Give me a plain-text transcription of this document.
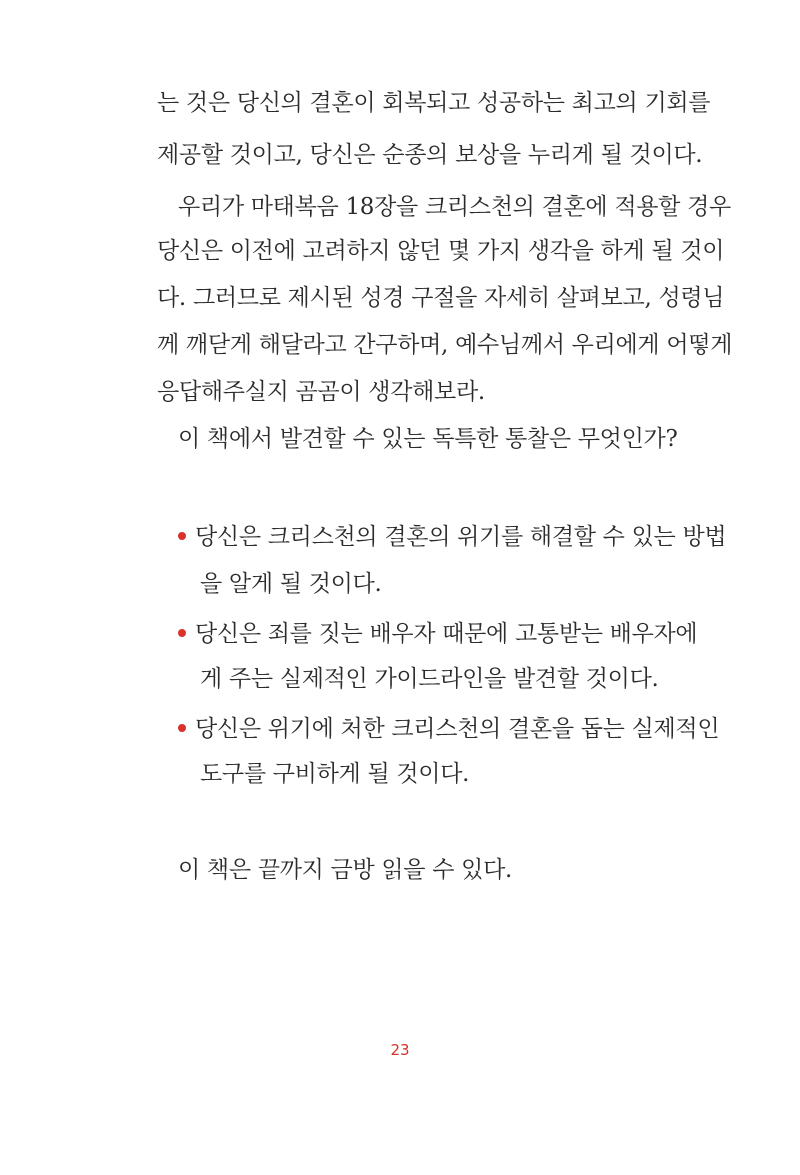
는 것은 당신의 결혼이 회복되고 성공하는 최고의 기회를
제공할 것이고, 당신은 순종의 보상을 누리게 될 것이다.
우리가 마태복음 18장을 크리스천의 결혼에 적용할 경우
당신은 이전에 고려하지 않던 몇 가지 생각을 하게 될 것이
다. 그러므로 제시된 성경 구절을 자세히 살펴보고, 성령님
께 깨닫게 해달라고 간구하며, 예수님께서 우리에게 어떻게
응답해주실지 곰곰이 생각해보라.
이 책에서 발견할 수 있는 독특한 통찰은 무엇인가?
당신은 크리스천의 결혼의 위기를 해결할 수 있는 방법
을 알게 될 것이다.
당신은 죄를 짓는 배우자 때문에 고통받는 배우자에
게 주는 실제적인 가이드라인을 발견할 것이다.
당신은 위기에 처한 크리스천의 결혼을 돕는 실제적인
도구를 구비하게 될 것이다.
이 책은 끝까지 금방 읽을 수 있다.
23
